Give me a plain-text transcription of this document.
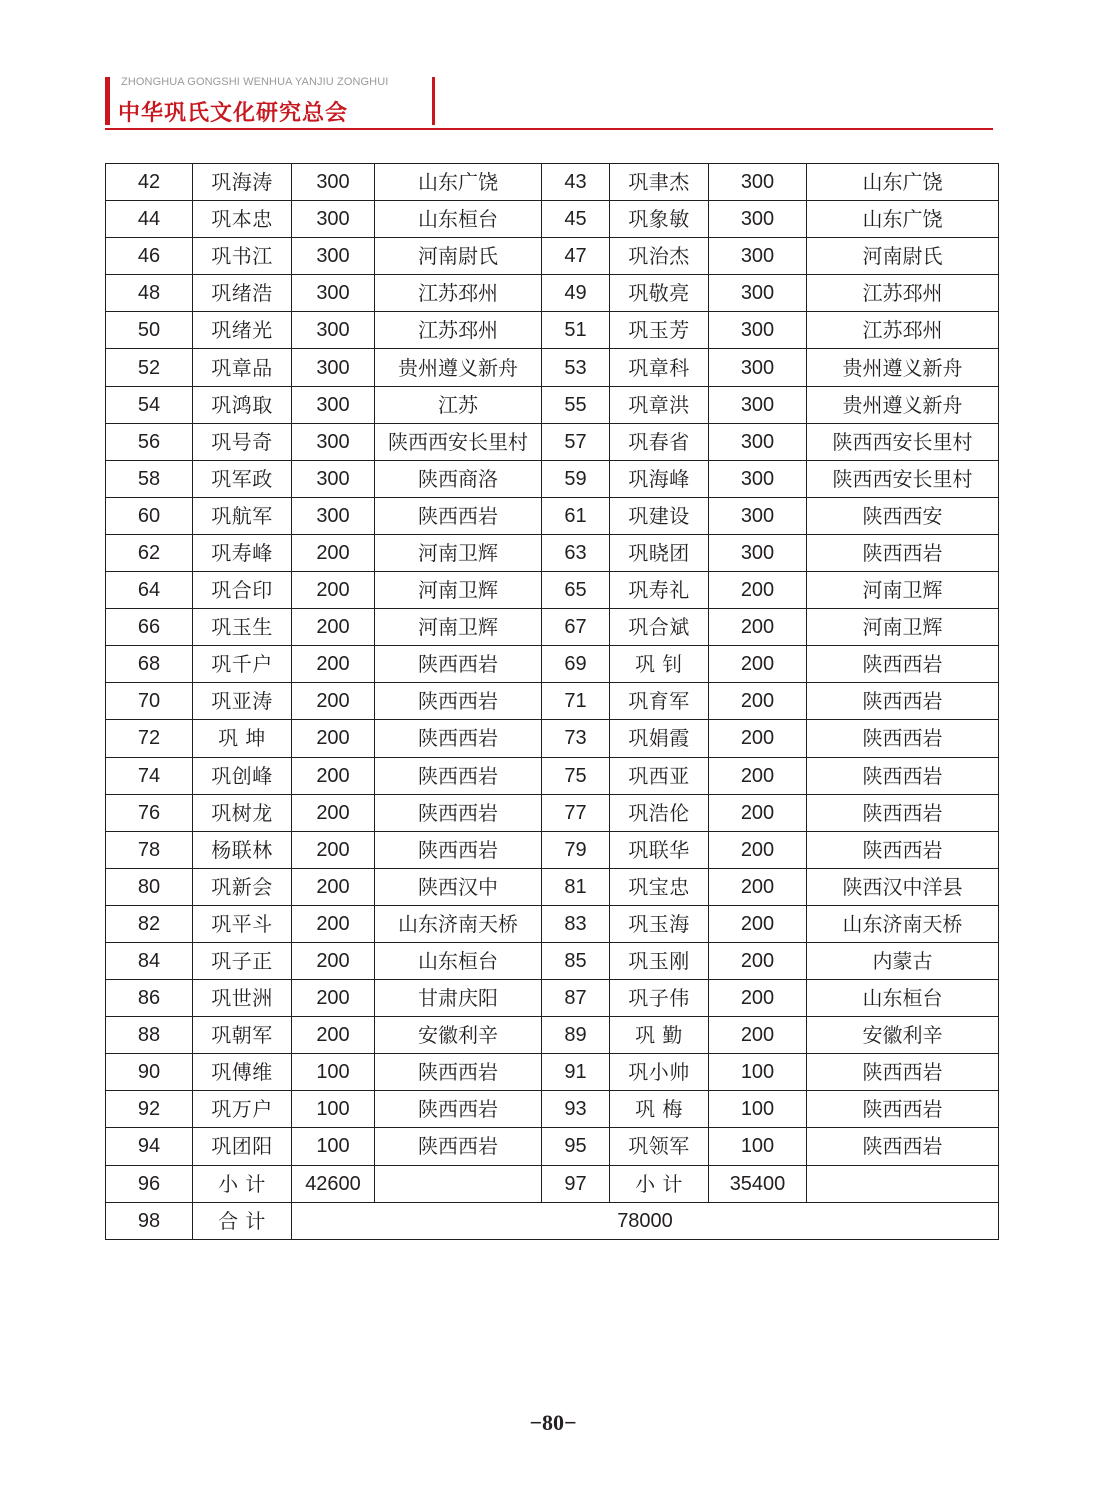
ZHONGHUA GONGSHI WENHUA YANJIU ZONGHUI
中华巩氏文化研究总会
42	巩海涛	300	山东广饶	43	巩聿杰	300	山东广饶
44	巩本忠	300	山东桓台	45	巩象敏	300	山东广饶
46	巩书江	300	河南尉氏	47	巩治杰	300	河南尉氏
48	巩绪浩	300	江苏邳州	49	巩敬亮	300	江苏邳州
50	巩绪光	300	江苏邳州	51	巩玉芳	300	江苏邳州
52	巩章品	300	贵州遵义新舟	53	巩章科	300	贵州遵义新舟
54	巩鸿取	300	江苏	55	巩章洪	300	贵州遵义新舟
56	巩号奇	300	陕西西安长里村	57	巩春省	300	陕西西安长里村
58	巩军政	300	陕西商洛	59	巩海峰	300	陕西西安长里村
60	巩航军	300	陕西西岩	61	巩建设	300	陕西西安
62	巩寿峰	200	河南卫辉	63	巩晓团	300	陕西西岩
64	巩合印	200	河南卫辉	65	巩寿礼	200	河南卫辉
66	巩玉生	200	河南卫辉	67	巩合斌	200	河南卫辉
68	巩千户	200	陕西西岩	69	巩 钊	200	陕西西岩
70	巩亚涛	200	陕西西岩	71	巩育军	200	陕西西岩
72	巩 坤	200	陕西西岩	73	巩娟霞	200	陕西西岩
74	巩创峰	200	陕西西岩	75	巩西亚	200	陕西西岩
76	巩树龙	200	陕西西岩	77	巩浩伦	200	陕西西岩
78	杨联林	200	陕西西岩	79	巩联华	200	陕西西岩
80	巩新会	200	陕西汉中	81	巩宝忠	200	陕西汉中洋县
82	巩平斗	200	山东济南天桥	83	巩玉海	200	山东济南天桥
84	巩子正	200	山东桓台	85	巩玉刚	200	内蒙古
86	巩世洲	200	甘肃庆阳	87	巩子伟	200	山东桓台
88	巩朝军	200	安徽利辛	89	巩 勤	200	安徽利辛
90	巩傅维	100	陕西西岩	91	巩小帅	100	陕西西岩
92	巩万户	100	陕西西岩	93	巩 梅	100	陕西西岩
94	巩团阳	100	陕西西岩	95	巩领军	100	陕西西岩
96	小 计	42600		97	小 计	35400	
98	合 计	78000					
−80−
